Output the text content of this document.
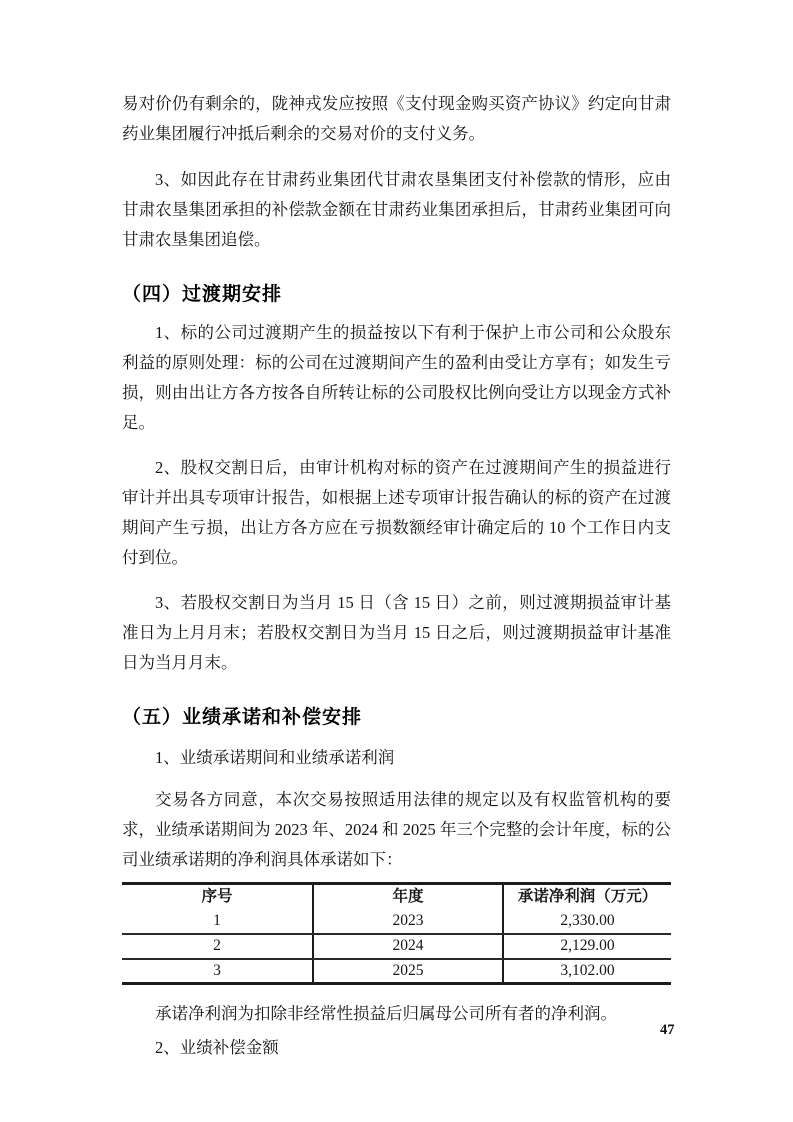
易对价仍有剩余的，陇神戎发应按照《支付现金购买资产协议》约定向甘肃药业集团履行冲抵后剩余的交易对价的支付义务。

3、如因此存在甘肃药业集团代甘肃农垦集团支付补偿款的情形，应由甘肃农垦集团承担的补偿款金额在甘肃药业集团承担后，甘肃药业集团可向甘肃农垦集团追偿。

（四）过渡期安排

1、标的公司过渡期产生的损益按以下有利于保护上市公司和公众股东利益的原则处理：标的公司在过渡期间产生的盈利由受让方享有；如发生亏损，则由出让方各方按各自所转让标的公司股权比例向受让方以现金方式补足。

2、股权交割日后，由审计机构对标的资产在过渡期间产生的损益进行审计并出具专项审计报告，如根据上述专项审计报告确认的标的资产在过渡期间产生亏损，出让方各方应在亏损数额经审计确定后的 10 个工作日内支付到位。

3、若股权交割日为当月 15 日（含 15 日）之前，则过渡期损益审计基准日为上月月末；若股权交割日为当月 15 日之后，则过渡期损益审计基准日为当月月末。

（五）业绩承诺和补偿安排

1、业绩承诺期间和业绩承诺利润

交易各方同意，本次交易按照适用法律的规定以及有权监管机构的要求，业绩承诺期间为 2023 年、2024 和 2025 年三个完整的会计年度，标的公司业绩承诺期的净利润具体承诺如下：

序号	年度	承诺净利润（万元）
1	2023	2,330.00
2	2024	2,129.00
3	2025	3,102.00

承诺净利润为扣除非经常性损益后归属母公司所有者的净利润。

2、业绩补偿金额

47
